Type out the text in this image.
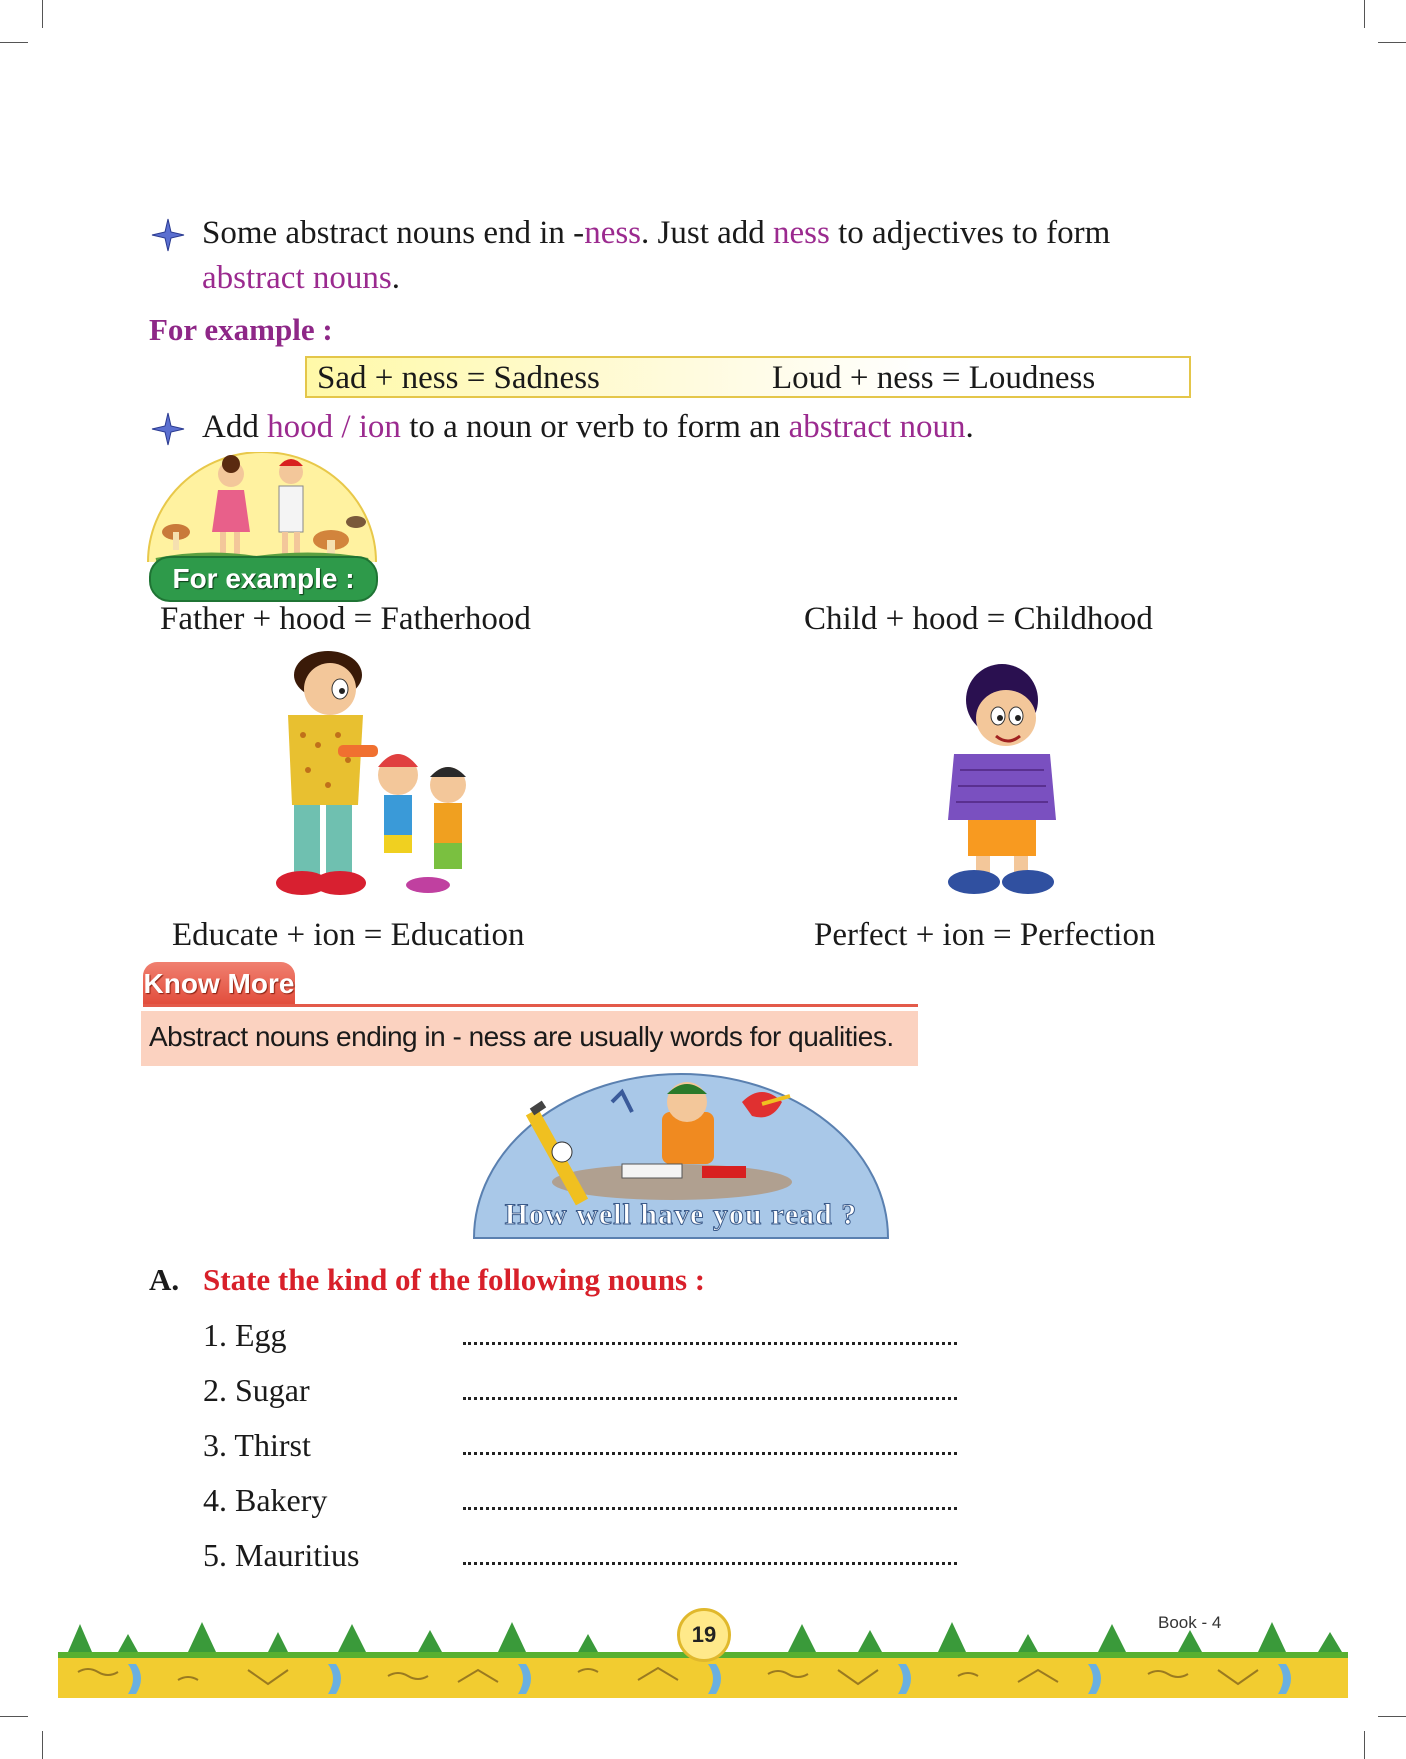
Some abstract nouns end in -ness. Just add ness to adjectives to form
abstract nouns.
For example :
Sad + ness = Sadness	Loud + ness = Loudness
Add hood / ion to a noun or verb to form an abstract noun.
For example :
Father + hood = Fatherhood	Child + hood = Childhood
Educate + ion = Education	Perfect + ion = Perfection
Know More
Abstract nouns ending in - ness are usually words for qualities.
How well have you read ?
A. State the kind of the following nouns :
1. Egg
2. Sugar
3. Thirst
4. Bakery
5. Mauritius
19	Book - 4
